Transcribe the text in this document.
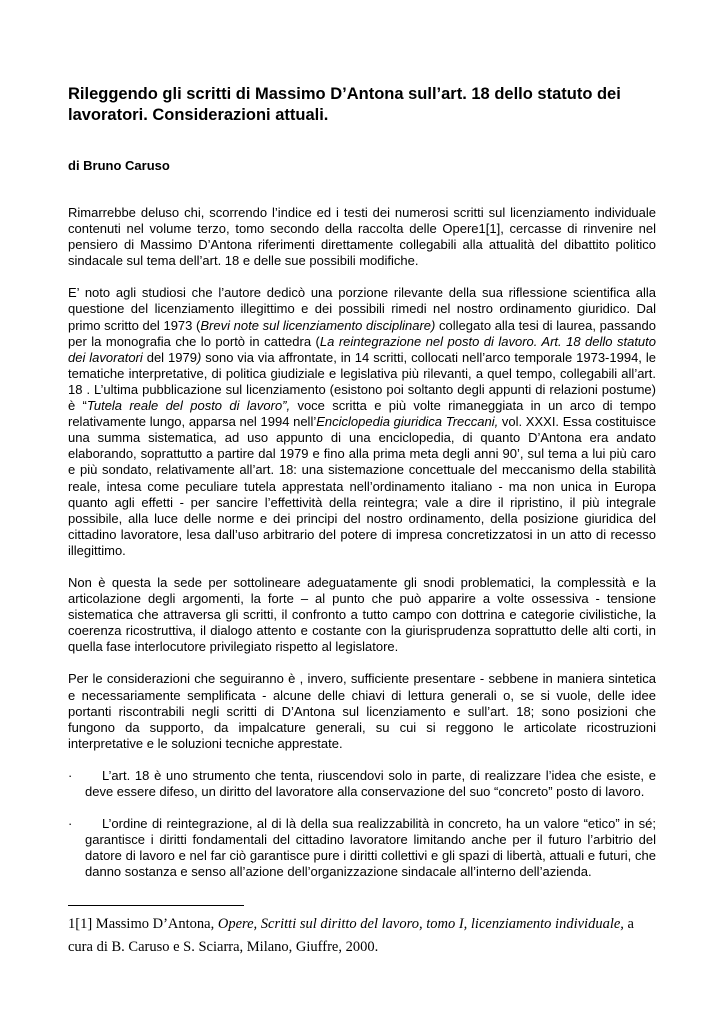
Rileggendo gli scritti di Massimo D’Antona sull’art. 18 dello statuto dei lavoratori. Considerazioni attuali.

di Bruno Caruso

Rimarrebbe deluso chi, scorrendo l’indice ed i testi dei numerosi scritti sul licenziamento individuale contenuti nel volume terzo, tomo secondo della raccolta delle Opere1[1], cercasse di rinvenire nel pensiero di Massimo D’Antona riferimenti direttamente collegabili alla attualità del dibattito politico sindacale sul tema dell’art. 18 e delle sue possibili modifiche.

E’ noto agli studiosi che l’autore dedicò una porzione rilevante della sua riflessione scientifica alla questione del licenziamento illegittimo e dei possibili rimedi nel nostro ordinamento giuridico. Dal primo scritto del 1973 (Brevi note sul licenziamento disciplinare) collegato alla tesi di laurea, passando per la monografia che lo portò in cattedra (La reintegrazione nel posto di lavoro. Art. 18 dello statuto dei lavoratori del 1979) sono via via affrontate, in 14 scritti, collocati nell’arco temporale 1973-1994, le tematiche interpretative, di politica giudiziale e legislativa più rilevanti, a quel tempo, collegabili all’art. 18 . L’ultima pubblicazione sul licenziamento (esistono poi soltanto degli appunti di relazioni postume) è “Tutela reale del posto di lavoro”, voce scritta e più volte rimaneggiata in un arco di tempo relativamente lungo, apparsa nel 1994 nell’Enciclopedia giuridica Treccani, vol. XXXI. Essa costituisce una summa sistematica, ad uso appunto di una enciclopedia, di quanto D’Antona era andato elaborando, soprattutto a partire dal 1979 e fino alla prima meta degli anni 90’, sul tema a lui più caro e più sondato, relativamente all’art. 18: una sistemazione concettuale del meccanismo della stabilità reale, intesa come peculiare tutela apprestata nell’ordinamento italiano - ma non unica in Europa quanto agli effetti - per sancire l’effettività della reintegra; vale a dire il ripristino, il più integrale possibile, alla luce delle norme e dei principi del nostro ordinamento, della posizione giuridica del cittadino lavoratore, lesa dall’uso arbitrario del potere di impresa concretizzatosi in un atto di recesso illegittimo.

Non è questa la sede per sottolineare adeguatamente gli snodi problematici, la complessità e la articolazione degli argomenti, la forte – al punto che può apparire a volte ossessiva - tensione sistematica che attraversa gli scritti, il confronto a tutto campo con dottrina e categorie civilistiche, la coerenza ricostruttiva, il dialogo attento e costante con la giurisprudenza soprattutto delle alti corti, in quella fase interlocutore privilegiato rispetto al legislatore.

Per le considerazioni che seguiranno è , invero, sufficiente presentare - sebbene in maniera sintetica e necessariamente semplificata - alcune delle chiavi di lettura generali o, se si vuole, delle idee portanti riscontrabili negli scritti di D’Antona sul licenziamento e sull’art. 18; sono posizioni che fungono da supporto, da impalcature generali, su cui si reggono le articolate ricostruzioni interpretative e le soluzioni tecniche apprestate.

·	L’art. 18 è uno strumento che tenta, riuscendovi solo in parte, di realizzare l’idea che esiste, e deve essere difeso, un diritto del lavoratore alla conservazione del suo “concreto” posto di lavoro.
·	L’ordine di reintegrazione, al di là della sua realizzabilità in concreto, ha un valore “etico” in sé; garantisce i diritti fondamentali del cittadino lavoratore limitando anche per il futuro l’arbitrio del datore di lavoro e nel far ciò garantisce pure i diritti collettivi e gli spazi di libertà, attuali e futuri, che danno sostanza e senso all’azione dell’organizzazione sindacale all’interno dell’azienda.
1[1] Massimo D’Antona, Opere, Scritti sul diritto del lavoro, tomo I, licenziamento individuale, a cura di B. Caruso e S. Sciarra, Milano, Giuffre, 2000.
